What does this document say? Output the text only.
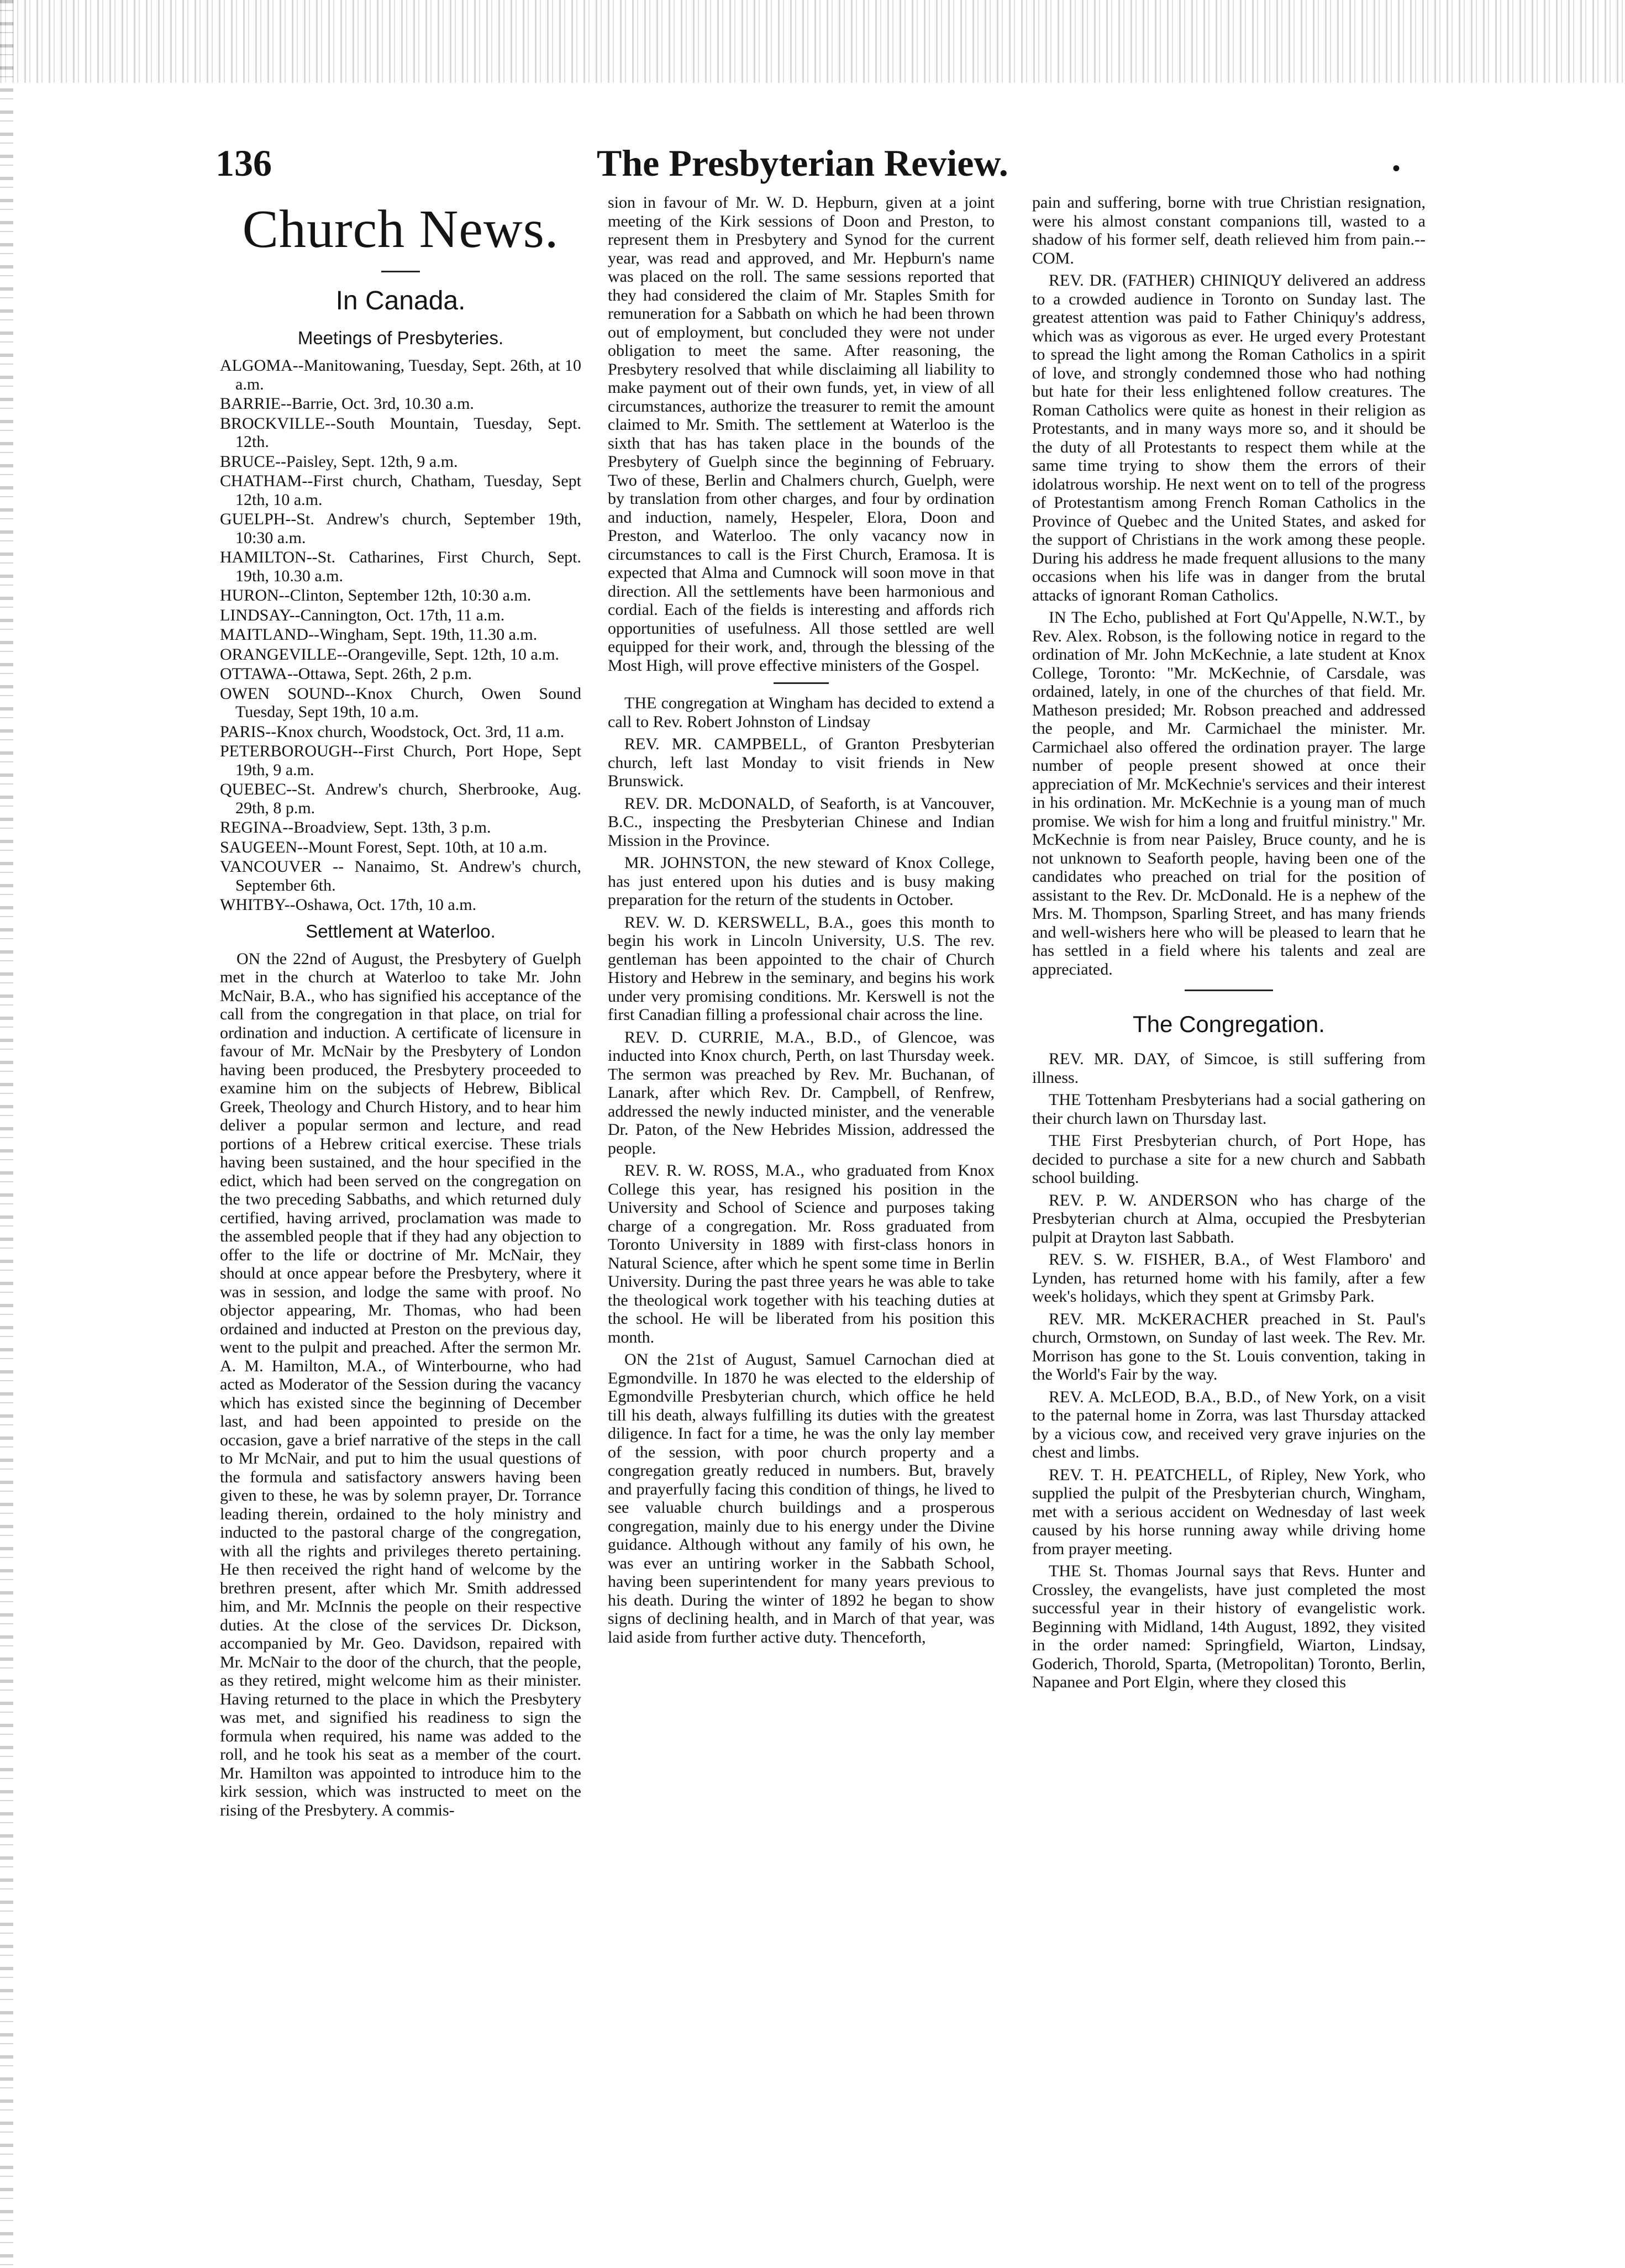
136	The Presbyterian Review.	•
Church News.
In Canada.
Meetings of Presbyteries.
ALGOMA--Manitowaning, Tuesday, Sept. 26th, at 10 a.m.
BARRIE--Barrie, Oct. 3rd, 10.30 a.m.
BROCKVILLE--South Mountain, Tuesday, Sept. 12th.
BRUCE--Paisley, Sept. 12th, 9 a.m.
CHATHAM--First church, Chatham, Tuesday, Sept 12th, 10 a.m.
GUELPH--St. Andrew's church, September 19th, 10:30 a.m.
HAMILTON--St. Catharines, First Church, Sept. 19th, 10.30 a.m.
HURON--Clinton, September 12th, 10:30 a.m.
LINDSAY--Cannington, Oct. 17th, 11 a.m.
MAITLAND--Wingham, Sept. 19th, 11.30 a.m.
ORANGEVILLE--Orangeville, Sept. 12th, 10 a.m.
OTTAWA--Ottawa, Sept. 26th, 2 p.m.
OWEN SOUND--Knox Church, Owen Sound Tuesday, Sept 19th, 10 a.m.
PARIS--Knox church, Woodstock, Oct. 3rd, 11 a.m.
PETERBOROUGH--First Church, Port Hope, Sept 19th, 9 a.m.
QUEBEC--St. Andrew's church, Sherbrooke, Aug. 29th, 8 p.m.
REGINA--Broadview, Sept. 13th, 3 p.m.
SAUGEEN--Mount Forest, Sept. 10th, at 10 a.m.
VANCOUVER -- Nanaimo, St. Andrew's church, September 6th.
WHITBY--Oshawa, Oct. 17th, 10 a.m.
Settlement at Waterloo.

ON the 22nd of August, the Presbytery of Guelph met in the church at Waterloo to take Mr. John McNair, B.A., who has signified his acceptance of the call from the congregation in that place, on trial for ordination and induction. A certificate of licensure in favour of Mr. McNair by the Presbytery of London having been produced, the Presbytery proceeded to examine him on the subjects of Hebrew, Biblical Greek, Theology and Church History, and to hear him deliver a popular sermon and lecture, and read portions of a Hebrew critical exercise. These trials having been sustained, and the hour specified in the edict, which had been served on the congregation on the two preceding Sabbaths, and which returned duly certified, having arrived, proclamation was made to the assembled people that if they had any objection to offer to the life or doctrine of Mr. McNair, they should at once appear before the Presbytery, where it was in session, and lodge the same with proof. No objector appearing, Mr. Thomas, who had been ordained and inducted at Preston on the previous day, went to the pulpit and preached. After the sermon Mr. A. M. Hamilton, M.A., of Winterbourne, who had acted as Moderator of the Session during the vacancy which has existed since the beginning of December last, and had been appointed to preside on the occasion, gave a brief narrative of the steps in the call to Mr McNair, and put to him the usual questions of the formula and satisfactory answers having been given to these, he was by solemn prayer, Dr. Torrance leading therein, ordained to the holy ministry and inducted to the pastoral charge of the congregation, with all the rights and privileges thereto pertaining. He then received the right hand of welcome by the brethren present, after which Mr. Smith addressed him, and Mr. McInnis the people on their respective duties. At the close of the services Dr. Dickson, accompanied by Mr. Geo. Davidson, repaired with Mr. McNair to the door of the church, that the people, as they retired, might welcome him as their minister. Having returned to the place in which the Presbytery was met, and signified his readiness to sign the formula when required, his name was added to the roll, and he took his seat as a member of the court. Mr. Hamilton was appointed to introduce him to the kirk session, which was instructed to meet on the rising of the Presbytery. A commis-

sion in favour of Mr. W. D. Hepburn, given at a joint meeting of the Kirk sessions of Doon and Preston, to represent them in Presbytery and Synod for the current year, was read and approved, and Mr. Hepburn's name was placed on the roll. The same sessions reported that they had considered the claim of Mr. Staples Smith for remuneration for a Sabbath on which he had been thrown out of employment, but concluded they were not under obligation to meet the same. After reasoning, the Presbytery resolved that while disclaiming all liability to make payment out of their own funds, yet, in view of all circumstances, authorize the treasurer to remit the amount claimed to Mr. Smith. The settlement at Waterloo is the sixth that has has taken place in the bounds of the Presbytery of Guelph since the beginning of February. Two of these, Berlin and Chalmers church, Guelph, were by translation from other charges, and four by ordination and induction, namely, Hespeler, Elora, Doon and Preston, and Waterloo. The only vacancy now in circumstances to call is the First Church, Eramosa. It is expected that Alma and Cumnock will soon move in that direction. All the settlements have been harmonious and cordial. Each of the fields is interesting and affords rich opportunities of usefulness. All those settled are well equipped for their work, and, through the blessing of the Most High, will prove effective ministers of the Gospel.

THE congregation at Wingham has decided to extend a call to Rev. Robert Johnston of Lindsay

REV. MR. CAMPBELL, of Granton Presbyterian church, left last Monday to visit friends in New Brunswick.

REV. DR. McDONALD, of Seaforth, is at Vancouver, B.C., inspecting the Presbyterian Chinese and Indian Mission in the Province.

MR. JOHNSTON, the new steward of Knox College, has just entered upon his duties and is busy making preparation for the return of the students in October.

REV. W. D. KERSWELL, B.A., goes this month to begin his work in Lincoln University, U.S. The rev. gentleman has been appointed to the chair of Church History and Hebrew in the seminary, and begins his work under very promising conditions. Mr. Kerswell is not the first Canadian filling a professional chair across the line.

REV. D. CURRIE, M.A., B.D., of Glencoe, was inducted into Knox church, Perth, on last Thursday week. The sermon was preached by Rev. Mr. Buchanan, of Lanark, after which Rev. Dr. Campbell, of Renfrew, addressed the newly inducted minister, and the venerable Dr. Paton, of the New Hebrides Mission, addressed the people.

REV. R. W. ROSS, M.A., who graduated from Knox College this year, has resigned his position in the University and School of Science and purposes taking charge of a congregation. Mr. Ross graduated from Toronto University in 1889 with first-class honors in Natural Science, after which he spent some time in Berlin University. During the past three years he was able to take the theological work together with his teaching duties at the school. He will be liberated from his position this month.

ON the 21st of August, Samuel Carnochan died at Egmondville. In 1870 he was elected to the eldership of Egmondville Presbyterian church, which office he held till his death, always fulfilling its duties with the greatest diligence. In fact for a time, he was the only lay member of the session, with poor church property and a congregation greatly reduced in numbers. But, bravely and prayerfully facing this condition of things, he lived to see valuable church buildings and a prosperous congregation, mainly due to his energy under the Divine guidance. Although without any family of his own, he was ever an untiring worker in the Sabbath School, having been superintendent for many years previous to his death. During the winter of 1892 he began to show signs of declining health, and in March of that year, was laid aside from further active duty. Thenceforth,

pain and suffering, borne with true Christian resignation, were his almost constant companions till, wasted to a shadow of his former self, death relieved him from pain.--COM.

REV. DR. (FATHER) CHINIQUY delivered an address to a crowded audience in Toronto on Sunday last. The greatest attention was paid to Father Chiniquy's address, which was as vigorous as ever. He urged every Protestant to spread the light among the Roman Catholics in a spirit of love, and strongly condemned those who had nothing but hate for their less enlightened follow creatures. The Roman Catholics were quite as honest in their religion as Protestants, and in many ways more so, and it should be the duty of all Protestants to respect them while at the same time trying to show them the errors of their idolatrous worship. He next went on to tell of the progress of Protestantism among French Roman Catholics in the Province of Quebec and the United States, and asked for the support of Christians in the work among these people. During his address he made frequent allusions to the many occasions when his life was in danger from the brutal attacks of ignorant Roman Catholics.

IN The Echo, published at Fort Qu'Appelle, N.W.T., by Rev. Alex. Robson, is the following notice in regard to the ordination of Mr. John McKechnie, a late student at Knox College, Toronto: "Mr. McKechnie, of Carsdale, was ordained, lately, in one of the churches of that field. Mr. Matheson presided; Mr. Robson preached and addressed the people, and Mr. Carmichael the minister. Mr. Carmichael also offered the ordination prayer. The large number of people present showed at once their appreciation of Mr. McKechnie's services and their interest in his ordination. Mr. McKechnie is a young man of much promise. We wish for him a long and fruitful ministry." Mr. McKechnie is from near Paisley, Bruce county, and he is not unknown to Seaforth people, having been one of the candidates who preached on trial for the position of assistant to the Rev. Dr. McDonald. He is a nephew of the Mrs. M. Thompson, Sparling Street, and has many friends and well-wishers here who will be pleased to learn that he has settled in a field where his talents and zeal are appreciated.

The Congregation.

REV. MR. DAY, of Simcoe, is still suffering from illness.

THE Tottenham Presbyterians had a social gathering on their church lawn on Thursday last.

THE First Presbyterian church, of Port Hope, has decided to purchase a site for a new church and Sabbath school building.

REV. P. W. ANDERSON who has charge of the Presbyterian church at Alma, occupied the Presbyterian pulpit at Drayton last Sabbath.

REV. S. W. FISHER, B.A., of West Flamboro' and Lynden, has returned home with his family, after a few week's holidays, which they spent at Grimsby Park.

REV. MR. McKERACHER preached in St. Paul's church, Ormstown, on Sunday of last week. The Rev. Mr. Morrison has gone to the St. Louis convention, taking in the World's Fair by the way.

REV. A. McLEOD, B.A., B.D., of New York, on a visit to the paternal home in Zorra, was last Thursday attacked by a vicious cow, and received very grave injuries on the chest and limbs.

REV. T. H. PEATCHELL, of Ripley, New York, who supplied the pulpit of the Presbyterian church, Wingham, met with a serious accident on Wednesday of last week caused by his horse running away while driving home from prayer meeting.

THE St. Thomas Journal says that Revs. Hunter and Crossley, the evangelists, have just completed the most successful year in their history of evangelistic work. Beginning with Midland, 14th August, 1892, they visited in the order named: Springfield, Wiarton, Lindsay, Goderich, Thorold, Sparta, (Metropolitan) Toronto, Berlin, Napanee and Port Elgin, where they closed this
